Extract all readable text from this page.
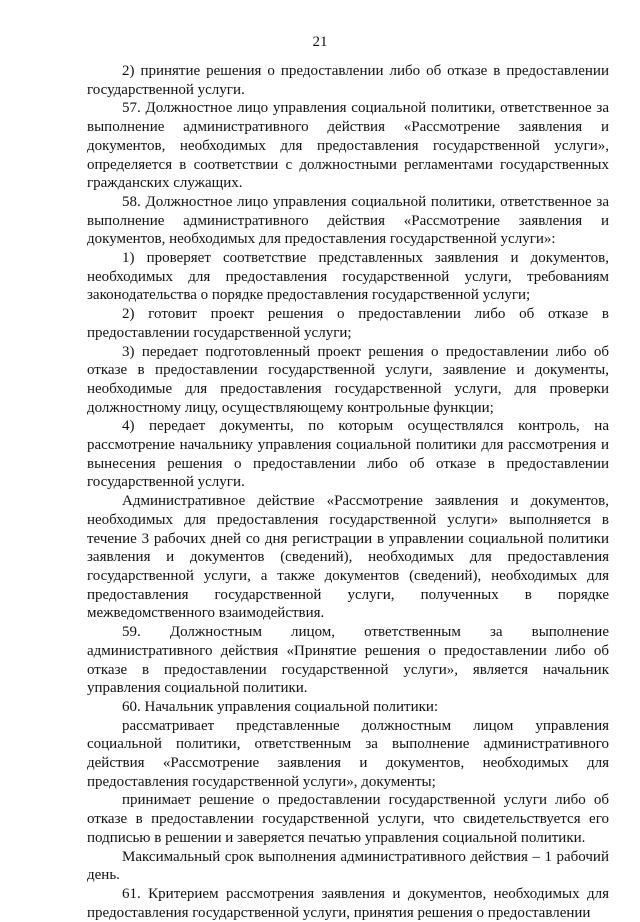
21

2) принятие решения о предоставлении либо об отказе в предоставлении государственной услуги.

57. Должностное лицо управления социальной политики, ответственное за выполнение административного действия «Рассмотрение заявления и документов, необходимых для предоставления государственной услуги», определяется в соответствии с должностными регламентами государственных гражданских служащих.

58. Должностное лицо управления социальной политики, ответственное за выполнение административного действия «Рассмотрение заявления и документов, необходимых для предоставления государственной услуги»:

1) проверяет соответствие представленных заявления и документов, необходимых для предоставления государственной услуги, требованиям законодательства о порядке предоставления государственной услуги;

2) готовит проект решения о предоставлении либо об отказе в предоставлении государственной услуги;

3) передает подготовленный проект решения о предоставлении либо об отказе в предоставлении государственной услуги, заявление и документы, необходимые для предоставления государственной услуги, для проверки должностному лицу, осуществляющему контрольные функции;

4) передает документы, по которым осуществлялся контроль, на рассмотрение начальнику управления социальной политики для рассмотрения и вынесения решения о предоставлении либо об отказе в предоставлении государственной услуги.

Административное действие «Рассмотрение заявления и документов, необходимых для предоставления государственной услуги» выполняется в течение 3 рабочих дней со дня регистрации в управлении социальной политики заявления и документов (сведений), необходимых для предоставления государственной услуги, а также документов (сведений), необходимых для предоставления государственной услуги, полученных в порядке межведомственного взаимодействия.

59. Должностным лицом, ответственным за выполнение административного действия «Принятие решения о предоставлении либо об отказе в предоставлении государственной услуги», является начальник управления социальной политики.

60. Начальник управления социальной политики:

рассматривает представленные должностным лицом управления социальной политики, ответственным за выполнение административного действия «Рассмотрение заявления и документов, необходимых для предоставления государственной услуги», документы;

принимает решение о предоставлении государственной услуги либо об отказе в предоставлении государственной услуги, что свидетельствуется его подписью в решении и заверяется печатью управления социальной политики.

Максимальный срок выполнения административного действия – 1 рабочий день.

61. Критерием рассмотрения заявления и документов, необходимых для предоставления государственной услуги, принятия решения о предоставлении
